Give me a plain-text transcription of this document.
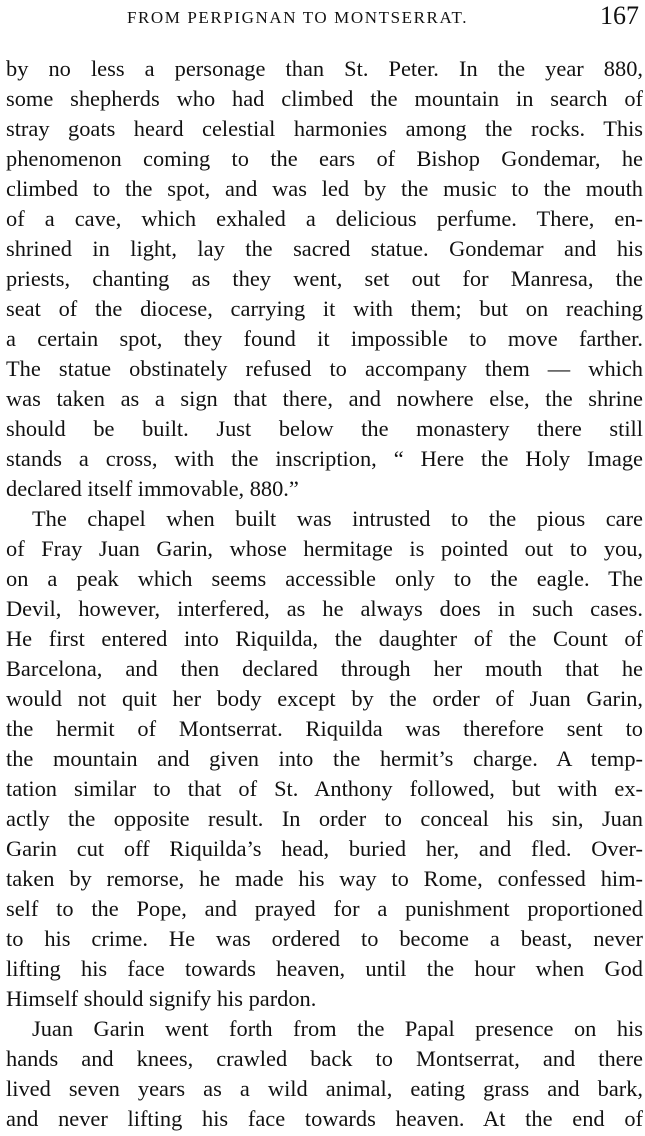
FROM PERPIGNAN TO MONTSERRAT.	167
by no less a personage than St. Peter. In the year 880,
some shepherds who had climbed the mountain in search of
stray goats heard celestial harmonies among the rocks. This
phenomenon coming to the ears of Bishop Gondemar, he
climbed to the spot, and was led by the music to the mouth
of a cave, which exhaled a delicious perfume. There, en-
shrined in light, lay the sacred statue. Gondemar and his
priests, chanting as they went, set out for Manresa, the
seat of the diocese, carrying it with them; but on reaching
a certain spot, they found it impossible to move farther.
The statue obstinately refused to accompany them — which
was taken as a sign that there, and nowhere else, the shrine
should be built. Just below the monastery there still
stands a cross, with the inscription, “ Here the Holy Image
declared itself immovable, 880.”
The chapel when built was intrusted to the pious care
of Fray Juan Garin, whose hermitage is pointed out to you,
on a peak which seems accessible only to the eagle. The
Devil, however, interfered, as he always does in such cases.
He first entered into Riquilda, the daughter of the Count of
Barcelona, and then declared through her mouth that he
would not quit her body except by the order of Juan Garin,
the hermit of Montserrat. Riquilda was therefore sent to
the mountain and given into the hermit’s charge. A temp-
tation similar to that of St. Anthony followed, but with ex-
actly the opposite result. In order to conceal his sin, Juan
Garin cut off Riquilda’s head, buried her, and fled. Over-
taken by remorse, he made his way to Rome, confessed him-
self to the Pope, and prayed for a punishment proportioned
to his crime. He was ordered to become a beast, never
lifting his face towards heaven, until the hour when God
Himself should signify his pardon.
Juan Garin went forth from the Papal presence on his
hands and knees, crawled back to Montserrat, and there
lived seven years as a wild animal, eating grass and bark,
and never lifting his face towards heaven. At the end of
